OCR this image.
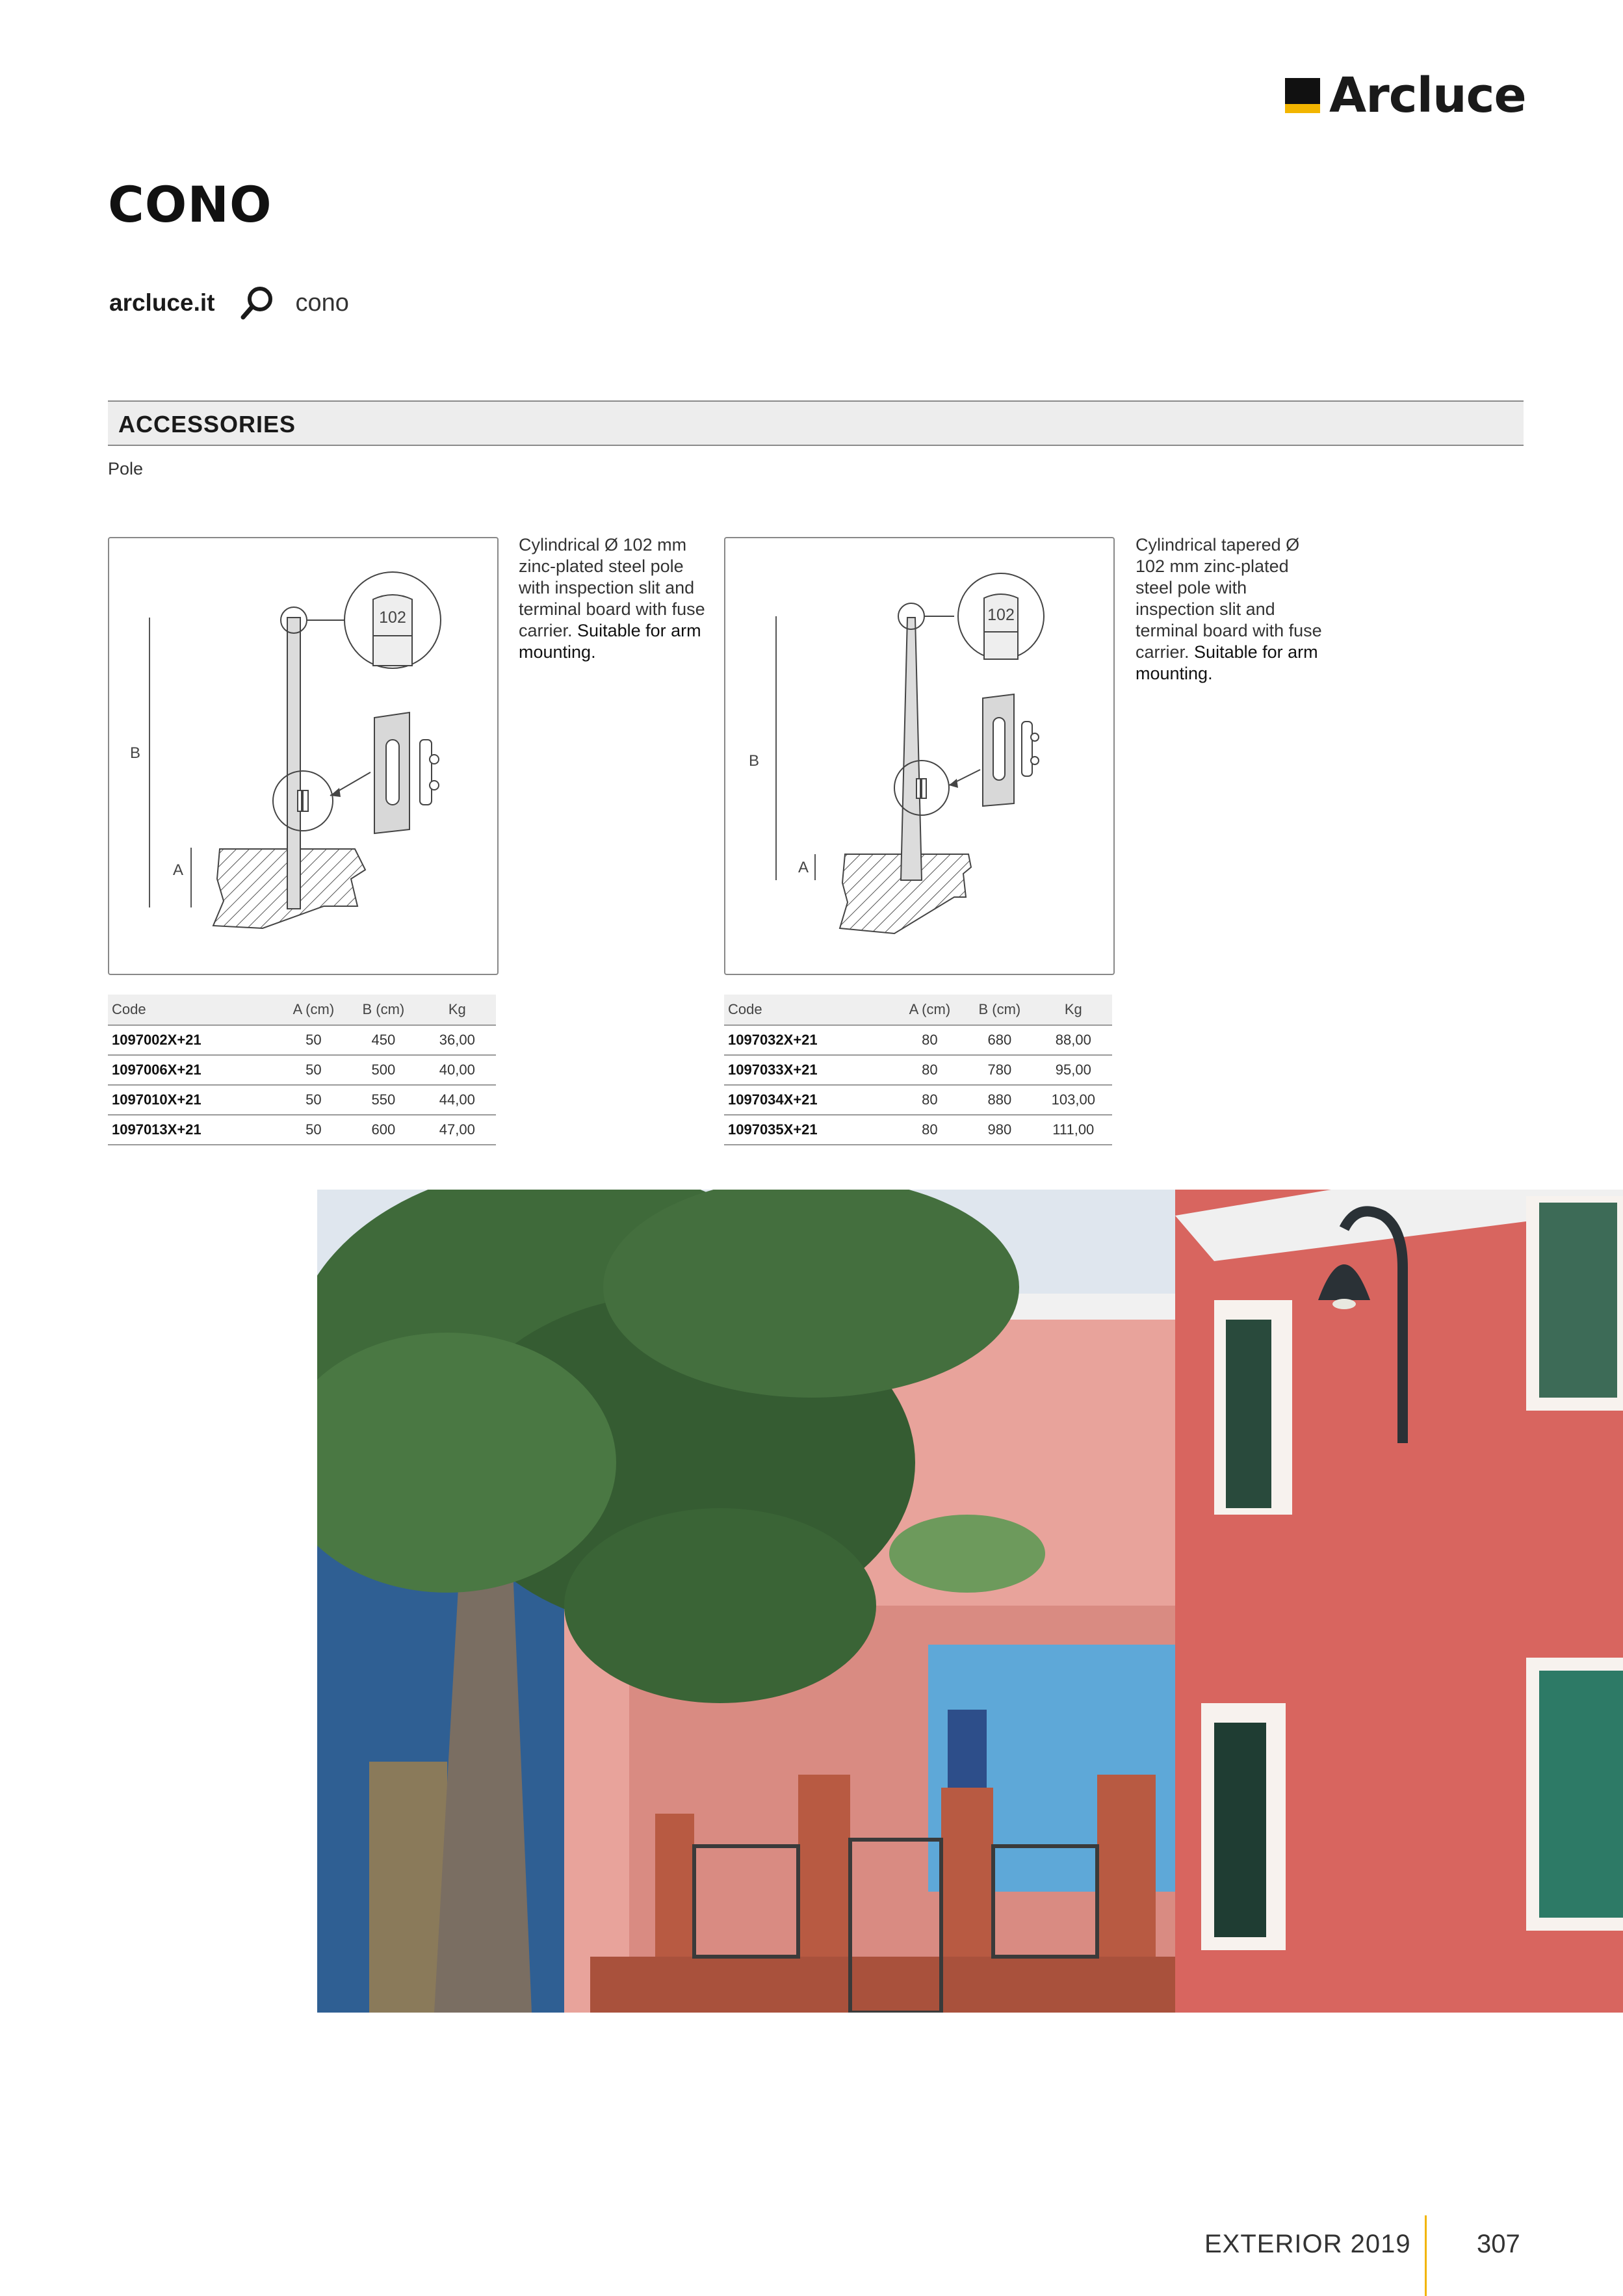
Arcluce
CONO
arcluce.it	cono
ACCESSORIES
Pole
102
B
A
Cylindrical Ø 102 mm zinc-plated steel pole with inspection slit and terminal board with fuse carrier. Suitable for arm mounting.
Code	A (cm)	B (cm)	Kg
1097002X+21	50	450	36,00
1097006X+21	50	500	40,00
1097010X+21	50	550	44,00
1097013X+21	50	600	47,00
102
B
A
Cylindrical tapered Ø 102 mm zinc-plated steel pole with inspection slit and terminal board with fuse carrier. Suitable for arm mounting.
Code	A (cm)	B (cm)	Kg
1097032X+21	80	680	88,00
1097033X+21	80	780	95,00
1097034X+21	80	880	103,00
1097035X+21	80	980	111,00
EXTERIOR 2019	307
